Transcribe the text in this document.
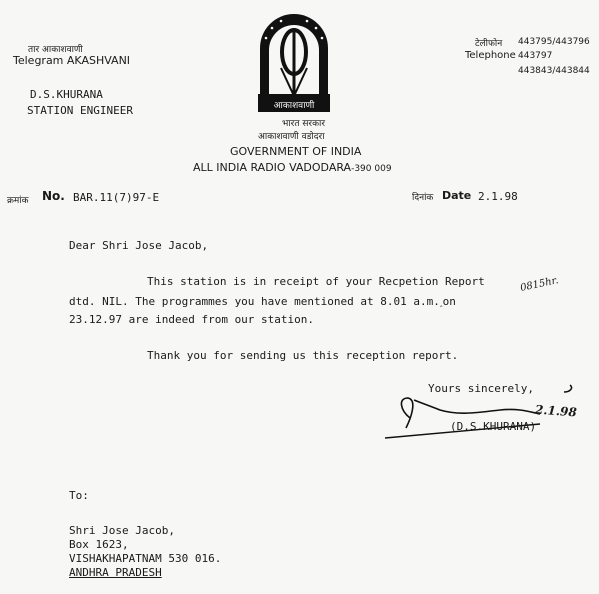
तार आकाशवाणी
Telegram AKASHVANI
टेलीफोन 443795/443796
Telephone 443797
443843/443844
आकाशवाणी
D.S.KHURANA
STATION ENGINEER
भारत सरकार
आकाशवाणी वडोदरा
GOVERNMENT OF INDIA
ALL INDIA RADIO VADODARA-390 009
क्रमांक No. BAR.11(7)97-E	दिनांक Date 2.1.98
Dear Shri Jose Jacob,
This station is in receipt of your Recpetion Report
dtd. NIL. The programmes you have mentioned at 8.01 a.m.‸on
0815hr.
23.12.97 are indeed from our station.
Thank you for sending us this reception report.
Yours sincerely,
2.1.98
(D.S.KHURANA)
To:
Shri Jose Jacob,
Box 1623,
VISHAKHAPATNAM 530 016.
ANDHRA PRADESH
